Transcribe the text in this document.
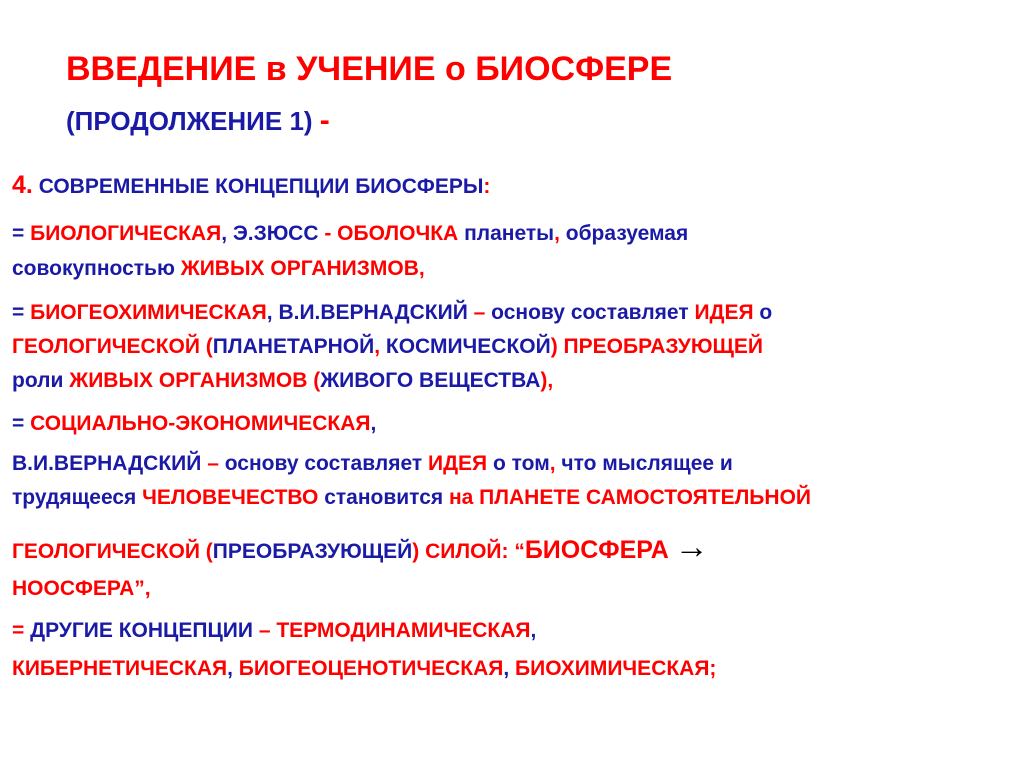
ВВЕДЕНИЕ в УЧЕНИЕ о БИОСФЕРЕ
(ПРОДОЛЖЕНИЕ 1) -
4. СОВРЕМЕННЫЕ КОНЦЕПЦИИ БИОСФЕРЫ:
= БИОЛОГИЧЕСКАЯ, Э.ЗЮСС - ОБОЛОЧКА планеты, образуемая
совокупностью ЖИВЫХ ОРГАНИЗМОВ,
= БИОГЕОХИМИЧЕСКАЯ, В.И.ВЕРНАДСКИЙ – основу составляет ИДЕЯ о
ГЕОЛОГИЧЕСКОЙ (ПЛАНЕТАРНОЙ, КОСМИЧЕСКОЙ) ПРЕОБРАЗУЮЩЕЙ
роли ЖИВЫХ ОРГАНИЗМОВ (ЖИВОГО ВЕЩЕСТВА),
= СОЦИАЛЬНО-ЭКОНОМИЧЕСКАЯ,
В.И.ВЕРНАДСКИЙ – основу составляет ИДЕЯ о том, что мыслящее и
трудящееся ЧЕЛОВЕЧЕСТВО становится на ПЛАНЕТЕ САМОСТОЯТЕЛЬНОЙ
ГЕОЛОГИЧЕСКОЙ (ПРЕОБРАЗУЮЩЕЙ) СИЛОЙ: “БИОСФЕРА →
НООСФЕРА”,
= ДРУГИЕ КОНЦЕПЦИИ – ТЕРМОДИНАМИЧЕСКАЯ,
КИБЕРНЕТИЧЕСКАЯ, БИОГЕОЦЕНОТИЧЕСКАЯ, БИОХИМИЧЕСКАЯ;
